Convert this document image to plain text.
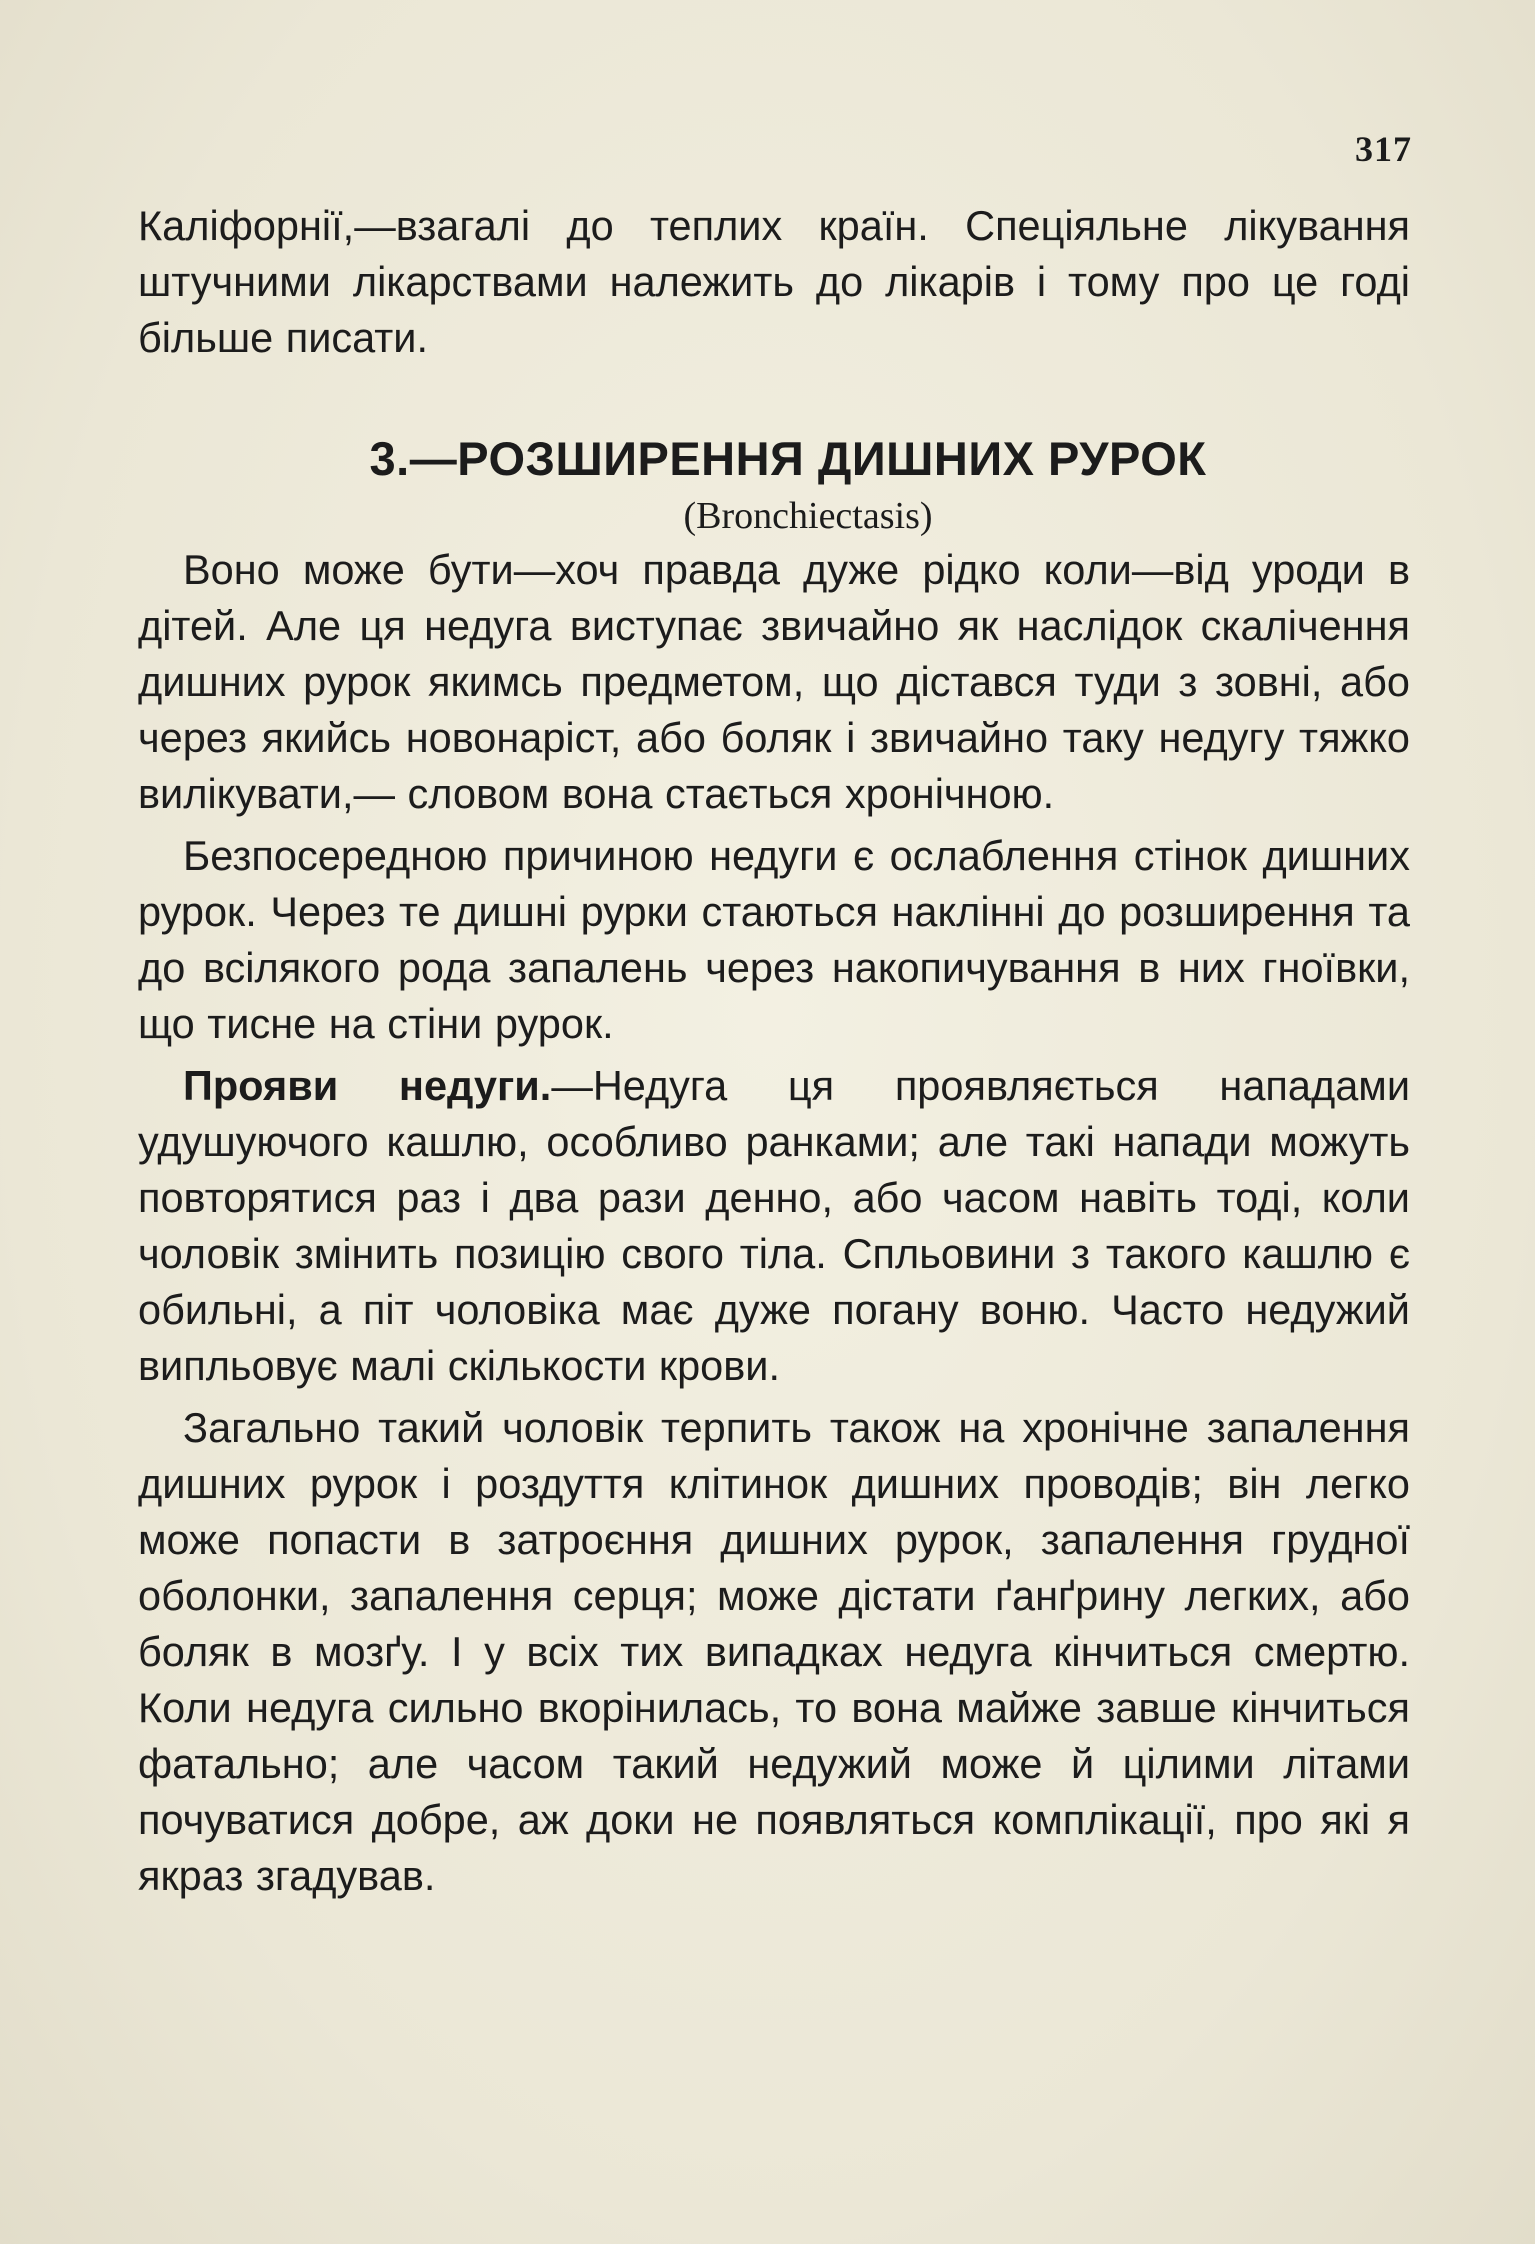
317

Каліфорнії,—взагалі до теплих країн. Спеціяльне лікування штучними лікарствами належить до лікарів і тому про це годі більше писати.

3.—РОЗШИРЕННЯ ДИШНИХ РУРОК
(Bronchiectasis)

Воно може бути—хоч правда дуже рідко коли—від уроди в дітей. Але ця недуга виступає звичайно як наслідок скалічення дишних рурок якимсь предметом, що дістався туди з зовні, або через якийсь новонаріст, або боляк і звичайно таку недугу тяжко вилікувати,— словом вона стається хронічною.

Безпосередною причиною недуги є ослаблення стінок дишних рурок. Через те дишні рурки стаються наклінні до розширення та до всілякого рода запалень через накопичування в них гноївки, що тисне на стіни рурок.

Прояви недуги.—Недуга ця проявляється нападами удушуючого кашлю, особливо ранками; але такі напади можуть повторятися раз і два рази денно, або часом навіть тоді, коли чоловік змінить позицію свого тіла. Спльовини з такого кашлю є обильні, а піт чоловіка має дуже погану воню. Часто недужий випльовує малі скількости крови.

Загально такий чоловік терпить також на хронічне запалення дишних рурок і роздуття клітинок дишних проводів; він легко може попасти в затроєння дишних рурок, запалення грудної оболонки, запалення серця; може дістати ґанґрину легких, або боляк в мозґу. І у всіх тих випадках недуга кінчиться смертю. Коли недуга сильно вкорінилась, то вона майже завше кінчиться фатально; але часом такий недужий може й цілими літами почуватися добре, аж доки не появляться комплікації, про які я якраз згадував.
